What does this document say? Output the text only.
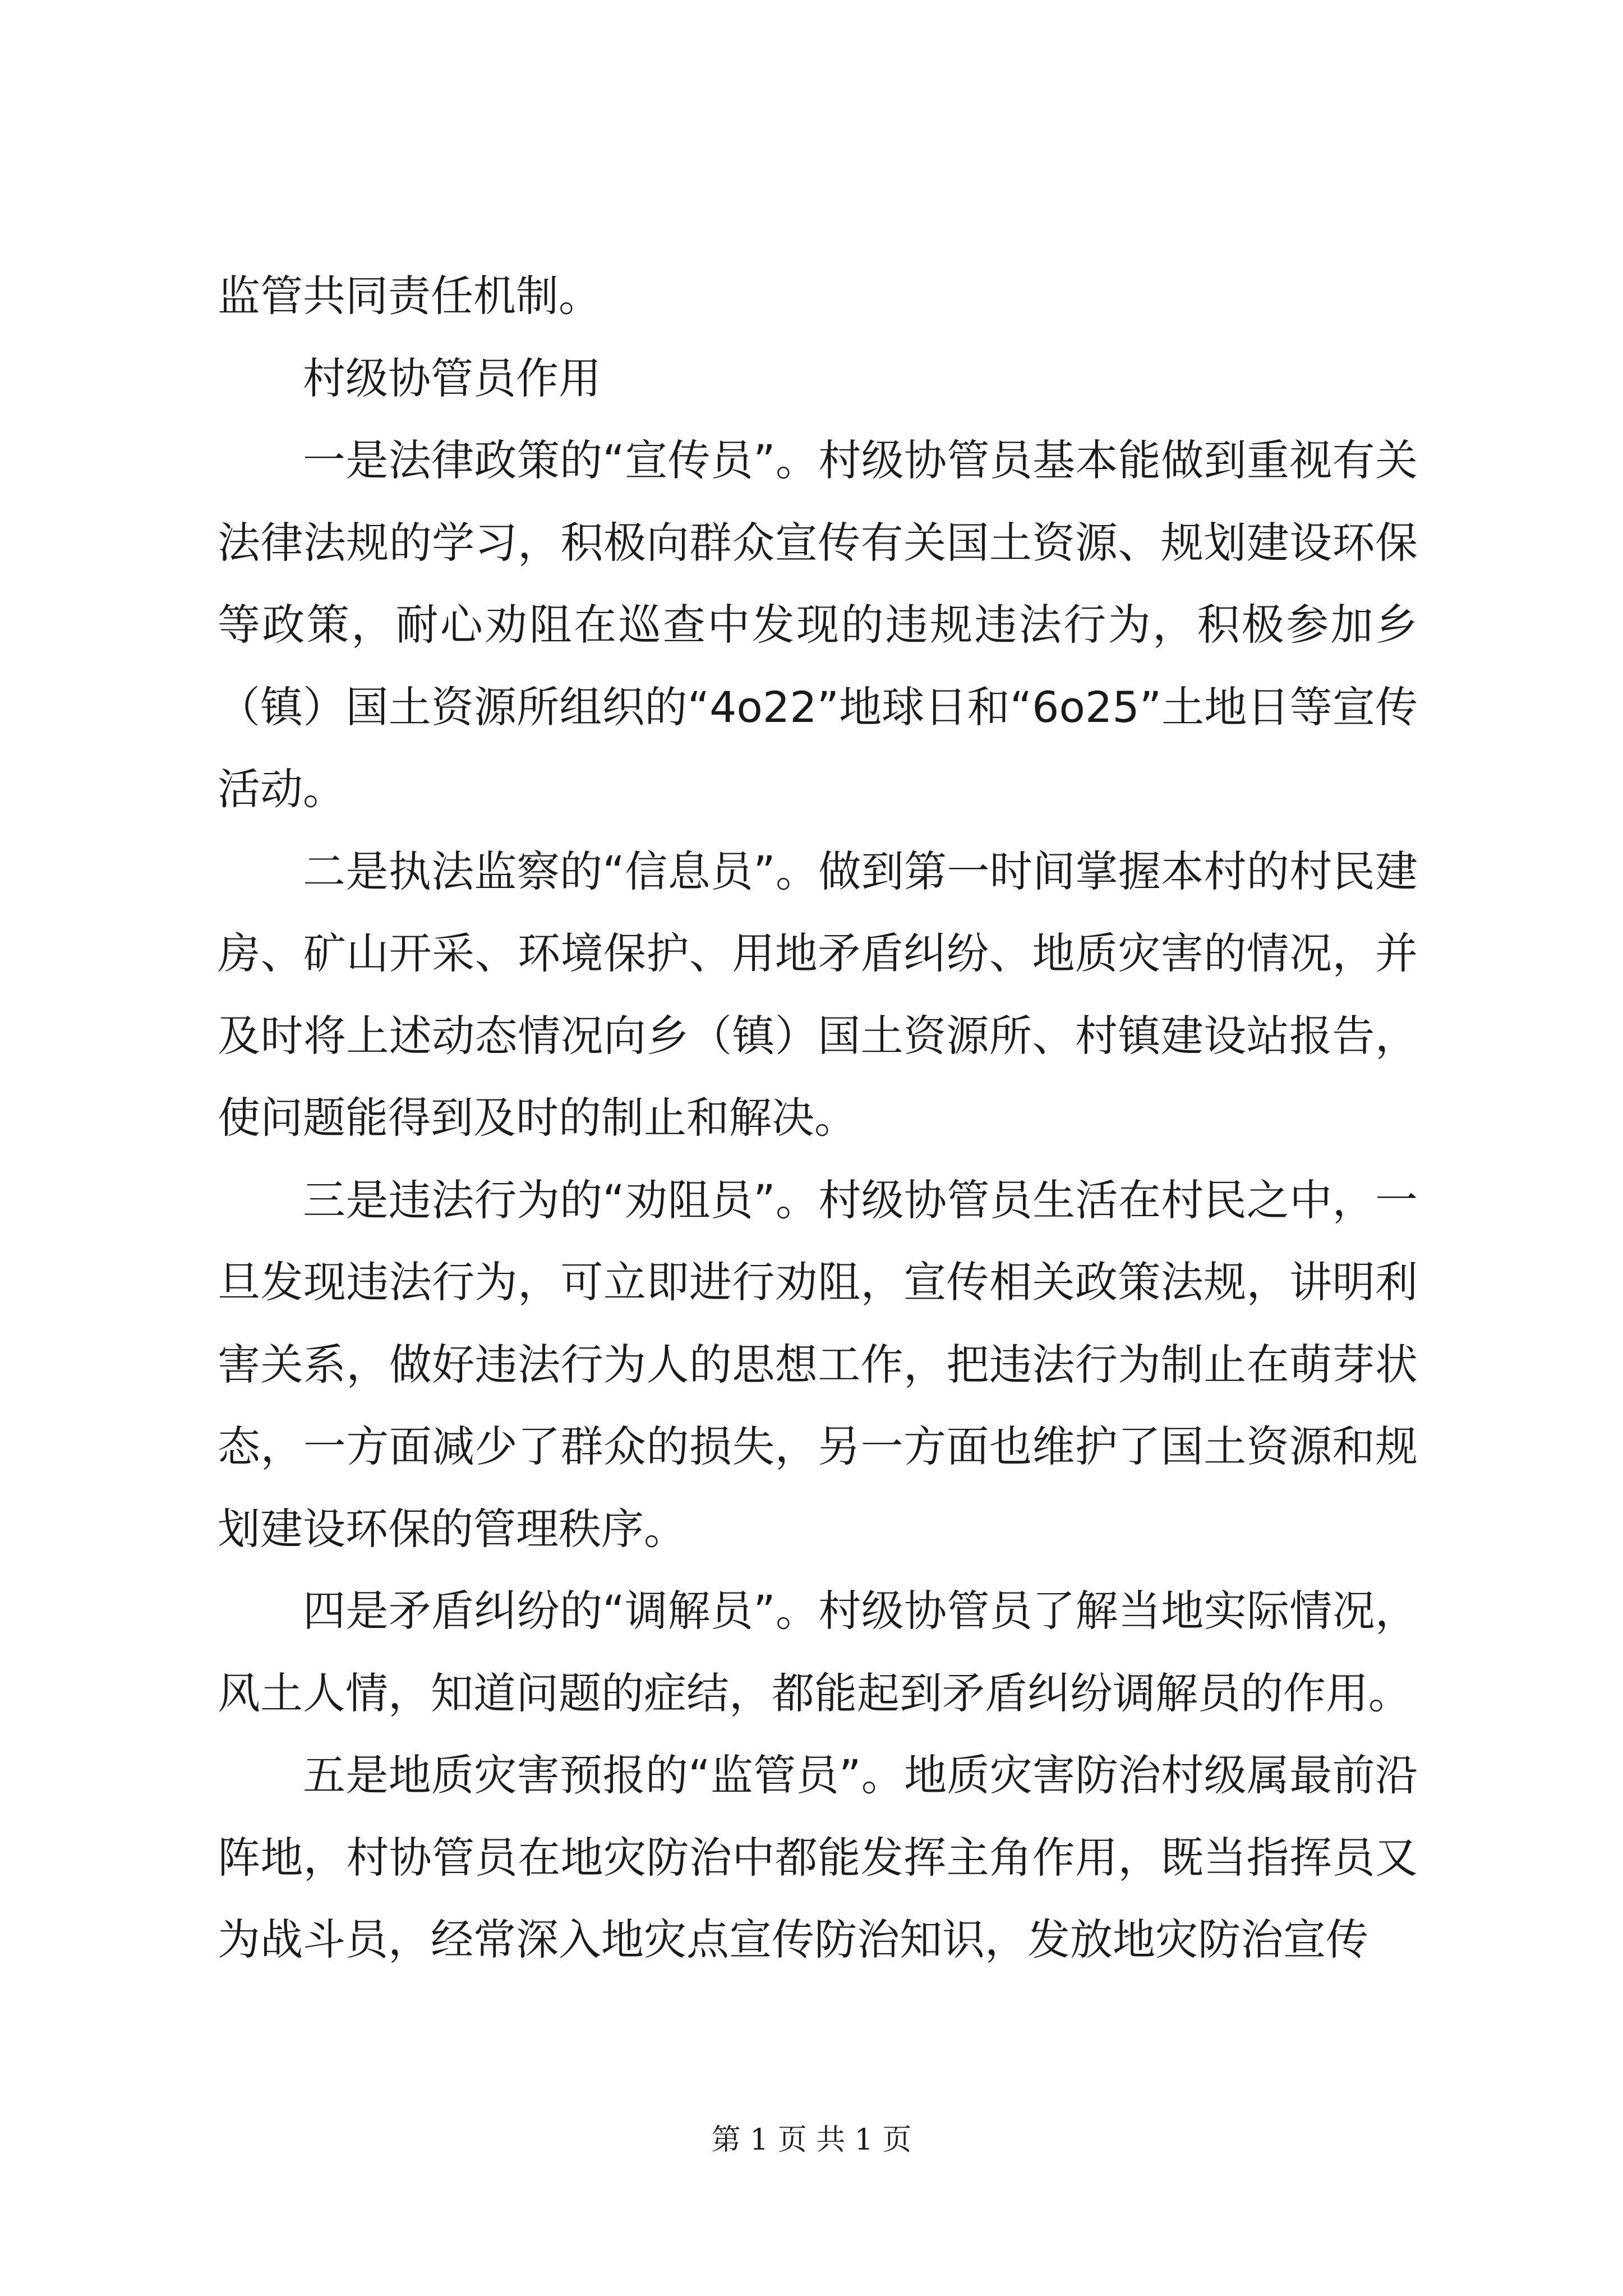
监管共同责任机制。

村级协管员作用

一是法律政策的“宣传员”。村级协管员基本能做到重视有关法律法规的学习，积极向群众宣传有关国土资源、规划建设环保等政策，耐心劝阻在巡查中发现的违规违法行为，积极参加乡（镇）国土资源所组织的“4o22”地球日和“6o25”土地日等宣传活动。

二是执法监察的“信息员”。做到第一时间掌握本村的村民建房、矿山开采、环境保护、用地矛盾纠纷、地质灾害的情况，并及时将上述动态情况向乡（镇）国土资源所、村镇建设站报告，使问题能得到及时的制止和解决。

三是违法行为的“劝阻员”。村级协管员生活在村民之中，一旦发现违法行为，可立即进行劝阻，宣传相关政策法规，讲明利害关系，做好违法行为人的思想工作，把违法行为制止在萌芽状态，一方面减少了群众的损失，另一方面也维护了国土资源和规划建设环保的管理秩序。

四是矛盾纠纷的“调解员”。村级协管员了解当地实际情况，风土人情，知道问题的症结，都能起到矛盾纠纷调解员的作用。

五是地质灾害预报的“监管员”。地质灾害防治村级属最前沿阵地，村协管员在地灾防治中都能发挥主角作用，既当指挥员又为战斗员，经常深入地灾点宣传防治知识，发放地灾防治宣传

第 1 页 共 1 页
